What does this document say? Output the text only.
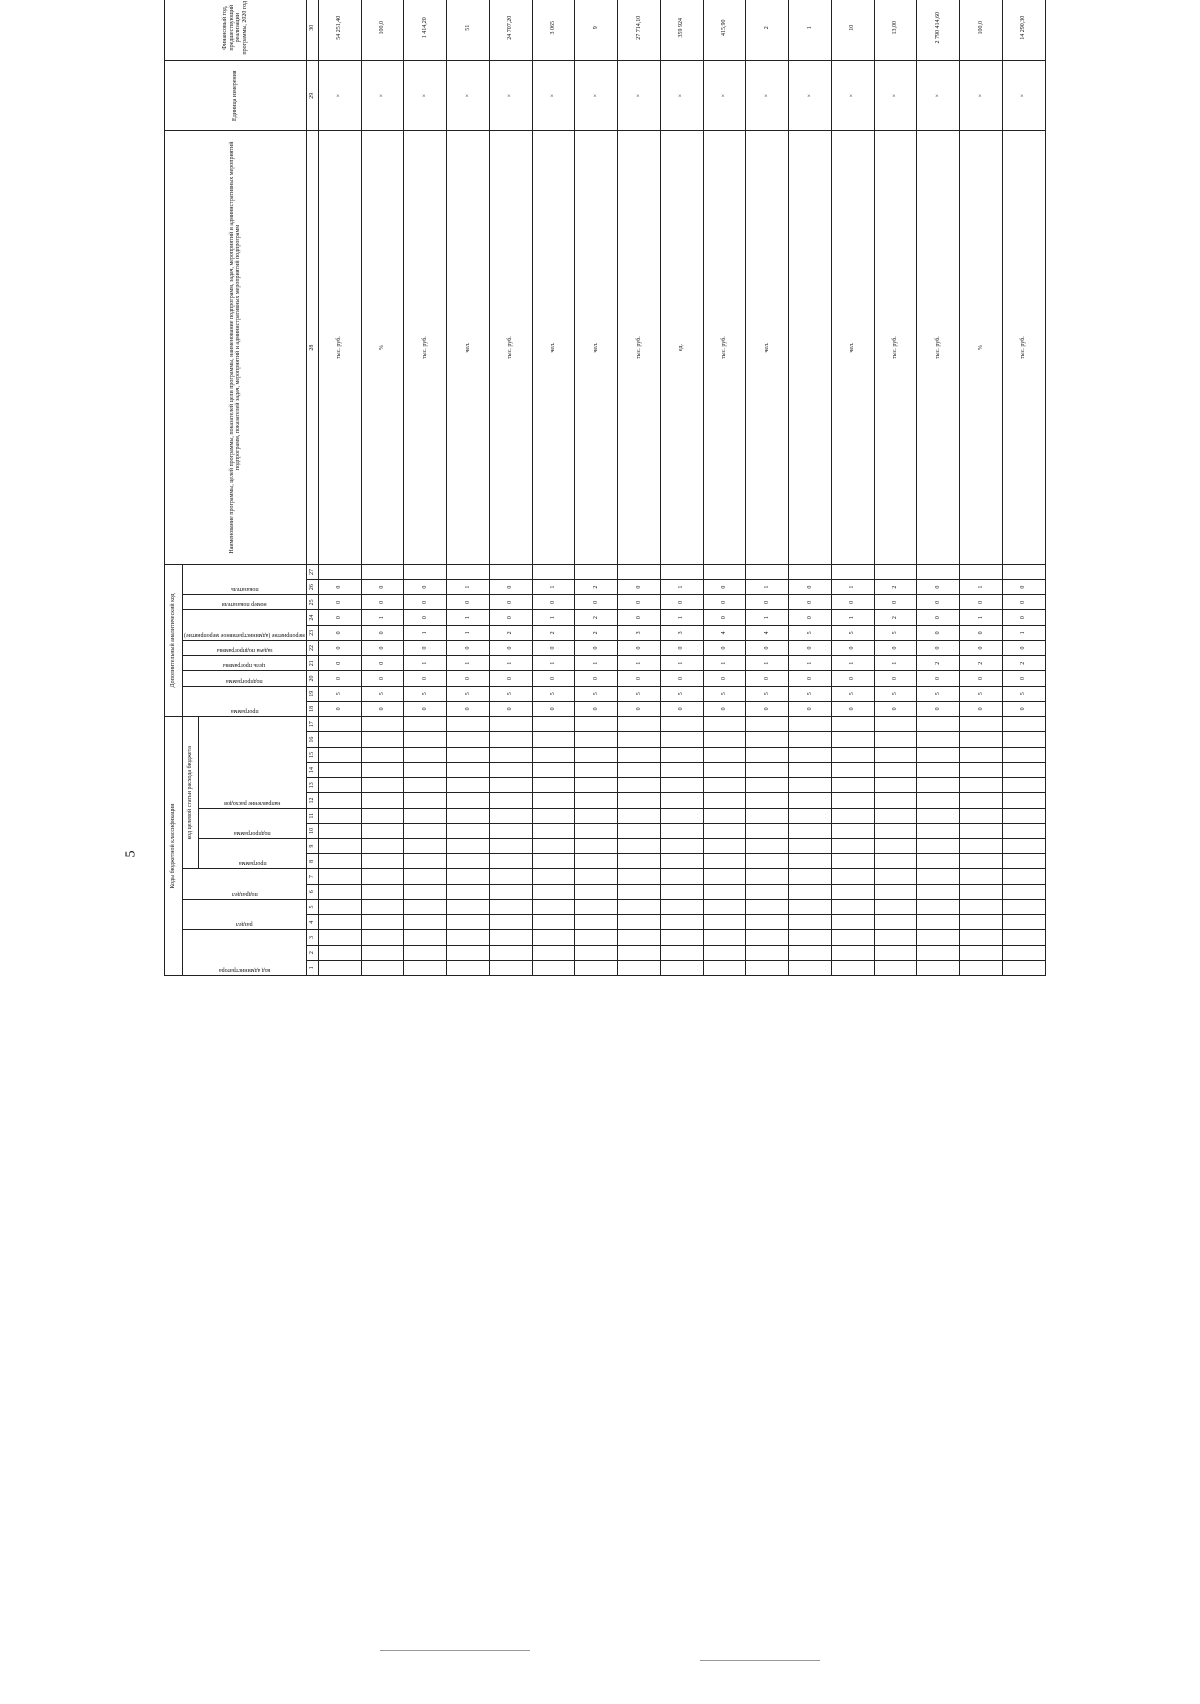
5	Коды бюджетной классификации																	Дополнительный аналитический код										Наименование программы, целей программы, показателей цели программы, наименование подпрограмм, задач, мероприятий и административных мероприятий подпрограмм, показателей задач, мероприятий и административных мероприятий подпрограмм	Единица измерения	Финансовый год, предшествующий реализации программы, 2020 год		

код администратора			раздел		подраздел		код целевой статьи расхода бюджета										программа		подпрограмма	цель программы	задача подпрограммы	мероприятие (административное мероприятие)		номер показателя	показатель

							программа		подпрограмма		направление расходов																									

1	2	3	4	5	6	7	8	9	10	11	12	13	14	15	16	17	18	19	20	21	22	23	24	25	26	27	28	29	30							
																	0	5	0	0	0	0	0	0	0		тыс. руб.	×	54 251,40						
																	0	5	0	0	0	0	1	0	0		%	×	100,0						
																	0	5	0	1	0	1	0	0	0		тыс. руб.	×	1 414,20						
																	0	5	0	1	0	1	1	0	1		чел.	×	51						
																	0	5	0	1	0	2	0	0	0		тыс. руб.	×	24 707,20						
																	0	5	0	1	0	2	1	0	1		чел.	×	3 065						
																	0	5	0	1	0	2	2	0	2		чел.	×	9						
																	0	5	0	1	0	3	0	0	0		тыс. руб.	×	27 714,10						
																	0	5	0	1	0	3	1	0	1		ед.	×	359 924						
																	0	5	0	1	0	4	0	0	0		тыс. руб.	×	415,90						
																	0	5	0	1	0	4	1	0	1		чел.	×	2						
																	0	5	0	1	0	5	0	0	0			×	1						
																	0	5	0	1	0	5	1	0	1		чел.	×	10						
																	0	5	0	1	0	5	2	0	2		тыс. руб.	×	13,00						
																	0	5	0	2	0	0	0	0	0		тыс. руб.	×	2 790 414,60						
																	0	5	0	2	0	0	1	0	1		%	×	100,0						
																	0	5	0	2	0	1	0	0	0		тыс. руб.	×	14 290,30						
